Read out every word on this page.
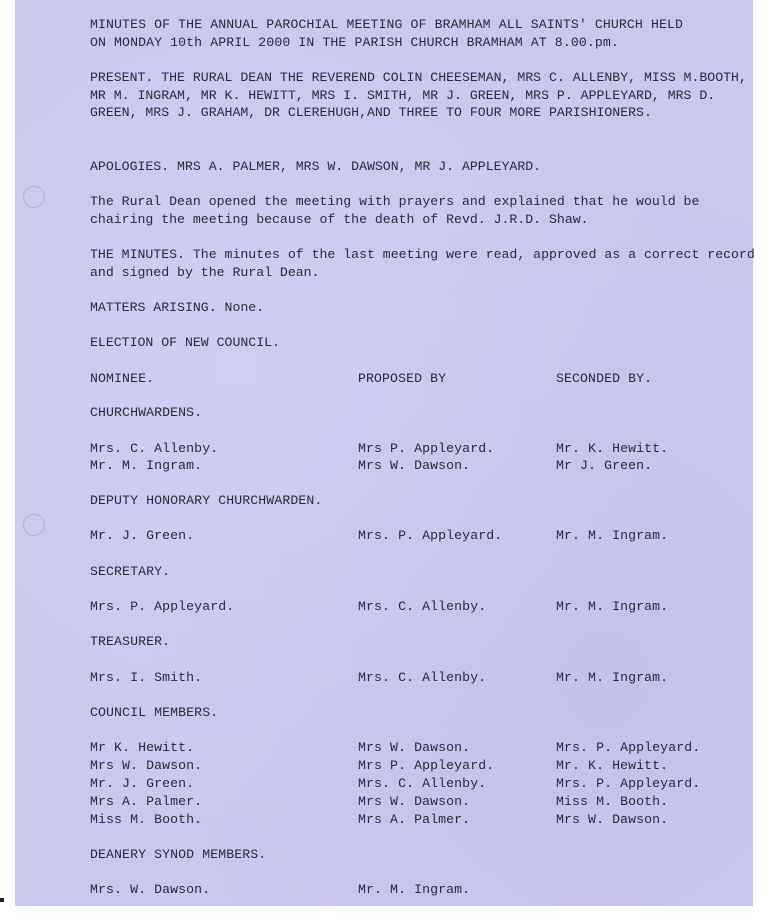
MINUTES OF THE ANNUAL PAROCHIAL MEETING OF BRAMHAM ALL SAINTS' CHURCH HELD
ON MONDAY 10th APRIL 2000 IN THE PARISH CHURCH BRAMHAM AT 8.00.pm.
PRESENT. THE RURAL DEAN THE REVEREND COLIN CHEESEMAN, MRS C. ALLENBY, MISS M.BOOTH, MR M. INGRAM, MR K. HEWITT, MRS I. SMITH, MR J. GREEN, MRS P. APPLEYARD, MRS D. GREEN, MRS J. GRAHAM, DR CLEREHUGH,AND THREE TO FOUR MORE PARISHIONERS.
APOLOGIES. MRS A. PALMER, MRS W. DAWSON, MR J. APPLEYARD.
The Rural Dean opened the meeting with prayers and explained that he would be chairing the meeting because of the death of Revd. J.R.D. Shaw.
THE MINUTES. The minutes of the last meeting were read, approved as a correct record and signed by the Rural Dean.
MATTERS ARISING. None.
ELECTION OF NEW COUNCIL.
NOMINEE.	PROPOSED BY	SECONDED BY.
CHURCHWARDENS.
Mrs. C. Allenby.	Mrs P. Appleyard.	Mr. K. Hewitt.
Mr. M. Ingram.	Mrs W. Dawson.	Mr J. Green.
DEPUTY HONORARY CHURCHWARDEN.
Mr. J. Green.	Mrs. P. Appleyard.	Mr. M. Ingram.
SECRETARY.
Mrs. P. Appleyard.	Mrs. C. Allenby.	Mr. M. Ingram.
TREASURER.
Mrs. I. Smith.	Mrs. C. Allenby.	Mr. M. Ingram.
COUNCIL MEMBERS.
Mr K. Hewitt.	Mrs W. Dawson.	Mrs. P. Appleyard.
Mrs W. Dawson.	Mrs P. Appleyard.	Mr. K. Hewitt.
Mr. J. Green.	Mrs. C. Allenby.	Mrs. P. Appleyard.
Mrs A. Palmer.	Mrs W. Dawson.	Miss M. Booth.
Miss M. Booth.	Mrs A. Palmer.	Mrs W. Dawson.
DEANERY SYNOD MEMBERS.
Mrs. W. Dawson.	Mr. M. Ingram.
